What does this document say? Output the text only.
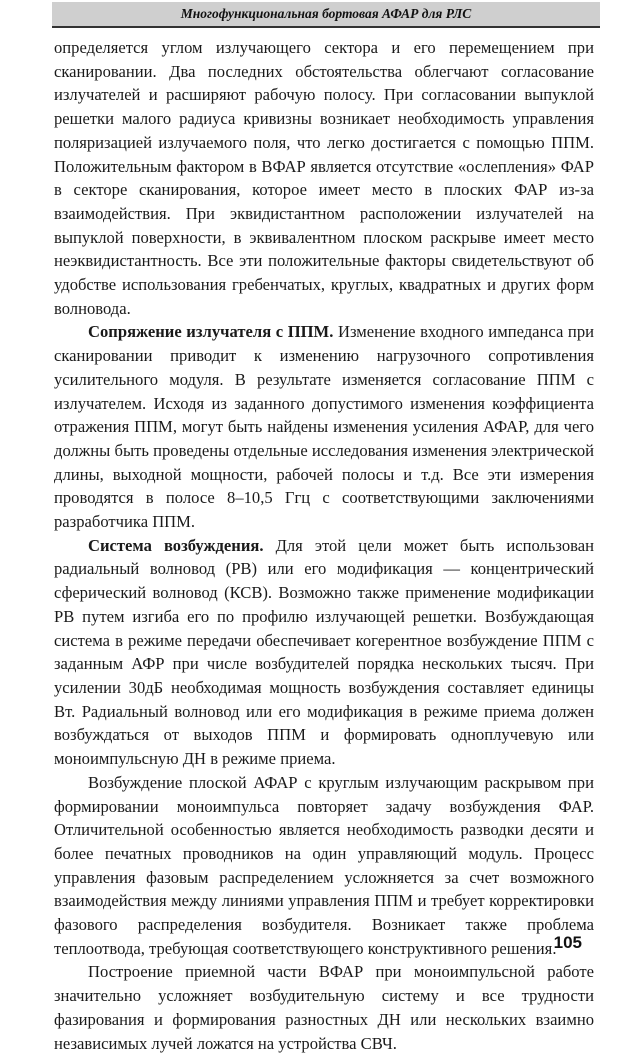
Многофункциональная бортовая АФАР для РЛС

определяется углом излучающего сектора и его перемещением при сканировании. Два последних обстоятельства облегчают согласование излучателей и расширяют рабочую полосу. При согласовании выпуклой решетки малого радиуса кривизны возникает необходимость управления поляризацией излучаемого поля, что легко достигается с помощью ППМ. Положительным фактором в ВФАР является отсутствие «ослепления» ФАР в секторе сканирования, которое имеет место в плоских ФАР из-за взаимодействия. При эквидистантном расположении излучателей на выпуклой поверхности, в эквивалентном плоском раскрыве имеет место неэквидистантность. Все эти положительные факторы свидетельствуют об удобстве использования гребенчатых, круглых, квадратных и других форм волновода.

Сопряжение излучателя с ППМ. Изменение входного импеданса при сканировании приводит к изменению нагрузочного сопротивления усилительного модуля. В результате изменяется согласование ППМ с излучателем. Исходя из заданного допустимого изменения коэффициента отражения ППМ, могут быть найдены изменения усиления АФАР, для чего должны быть проведены отдельные исследования изменения электрической длины, выходной мощности, рабочей полосы и т.д. Все эти измерения проводятся в полосе 8–10,5 Ггц с соответствующими заключениями разработчика ППМ.

Система возбуждения. Для этой цели может быть использован радиальный волновод (РВ) или его модификация — концентрический сферический волновод (КСВ). Возможно также применение модификации РВ путем изгиба его по профилю излучающей решетки. Возбуждающая система в режиме передачи обеспечивает когерентное возбуждение ППМ с заданным АФР при числе возбудителей порядка нескольких тысяч. При усилении 30дБ необходимая мощность возбуждения составляет единицы Вт. Радиальный волновод или его модификация в режиме приема должен возбуждаться от выходов ППМ и формировать одноплучевую или моноимпульсную ДН в режиме приема.

Возбуждение плоской АФАР с круглым излучающим раскрывом при формировании моноимпульса повторяет задачу возбуждения ФАР. Отличительной особенностью является необходимость разводки десяти и более печатных проводников на один управляющий модуль. Процесс управления фазовым распределением усложняется за счет возможного взаимодействия между линиями управления ППМ и требует корректировки фазового распределения возбудителя. Возникает также проблема теплоотвода, требующая соответствующего конструктивного решения.

Построение приемной части ВФАР при моноимпульсной работе значительно усложняет возбудительную систему и все трудности фазирования и формирования разностных ДН или нескольких взаимно независимых лучей ложатся на устройства СВЧ.

105
